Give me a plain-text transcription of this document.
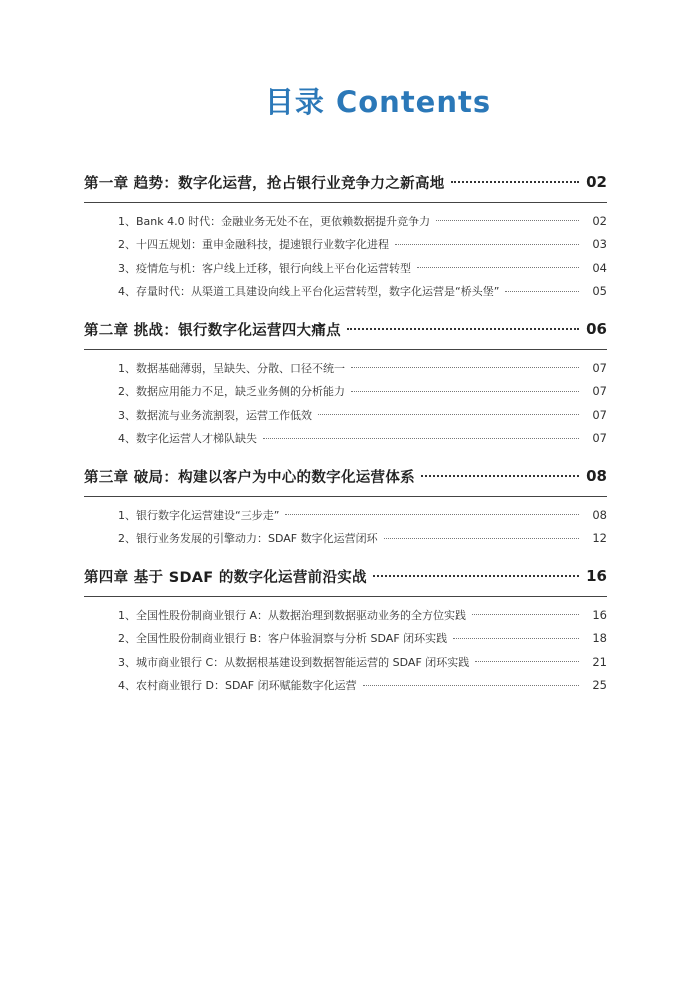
目录 Contents
第一章 趋势：数字化运营，抢占银行业竞争力之新高地	02
1、Bank 4.0 时代：金融业务无处不在，更依赖数据提升竞争力	02
2、十四五规划：重申金融科技，提速银行业数字化进程	03
3、疫情危与机：客户线上迁移，银行向线上平台化运营转型	04
4、存量时代：从渠道工具建设向线上平台化运营转型，数字化运营是“桥头堡”	05
第二章 挑战：银行数字化运营四大痛点	06
1、数据基础薄弱，呈缺失、分散、口径不统一	07
2、数据应用能力不足，缺乏业务侧的分析能力	07
3、数据流与业务流割裂，运营工作低效	07
4、数字化运营人才梯队缺失	07
第三章 破局：构建以客户为中心的数字化运营体系	08
1、银行数字化运营建设“三步走”	08
2、银行业务发展的引擎动力：SDAF 数字化运营闭环	12
第四章 基于 SDAF 的数字化运营前沿实战	16
1、全国性股份制商业银行 A：从数据治理到数据驱动业务的全方位实践	16
2、全国性股份制商业银行 B：客户体验洞察与分析 SDAF 闭环实践	18
3、城市商业银行 C：从数据根基建设到数据智能运营的 SDAF 闭环实践	21
4、农村商业银行 D：SDAF 闭环赋能数字化运营	25
